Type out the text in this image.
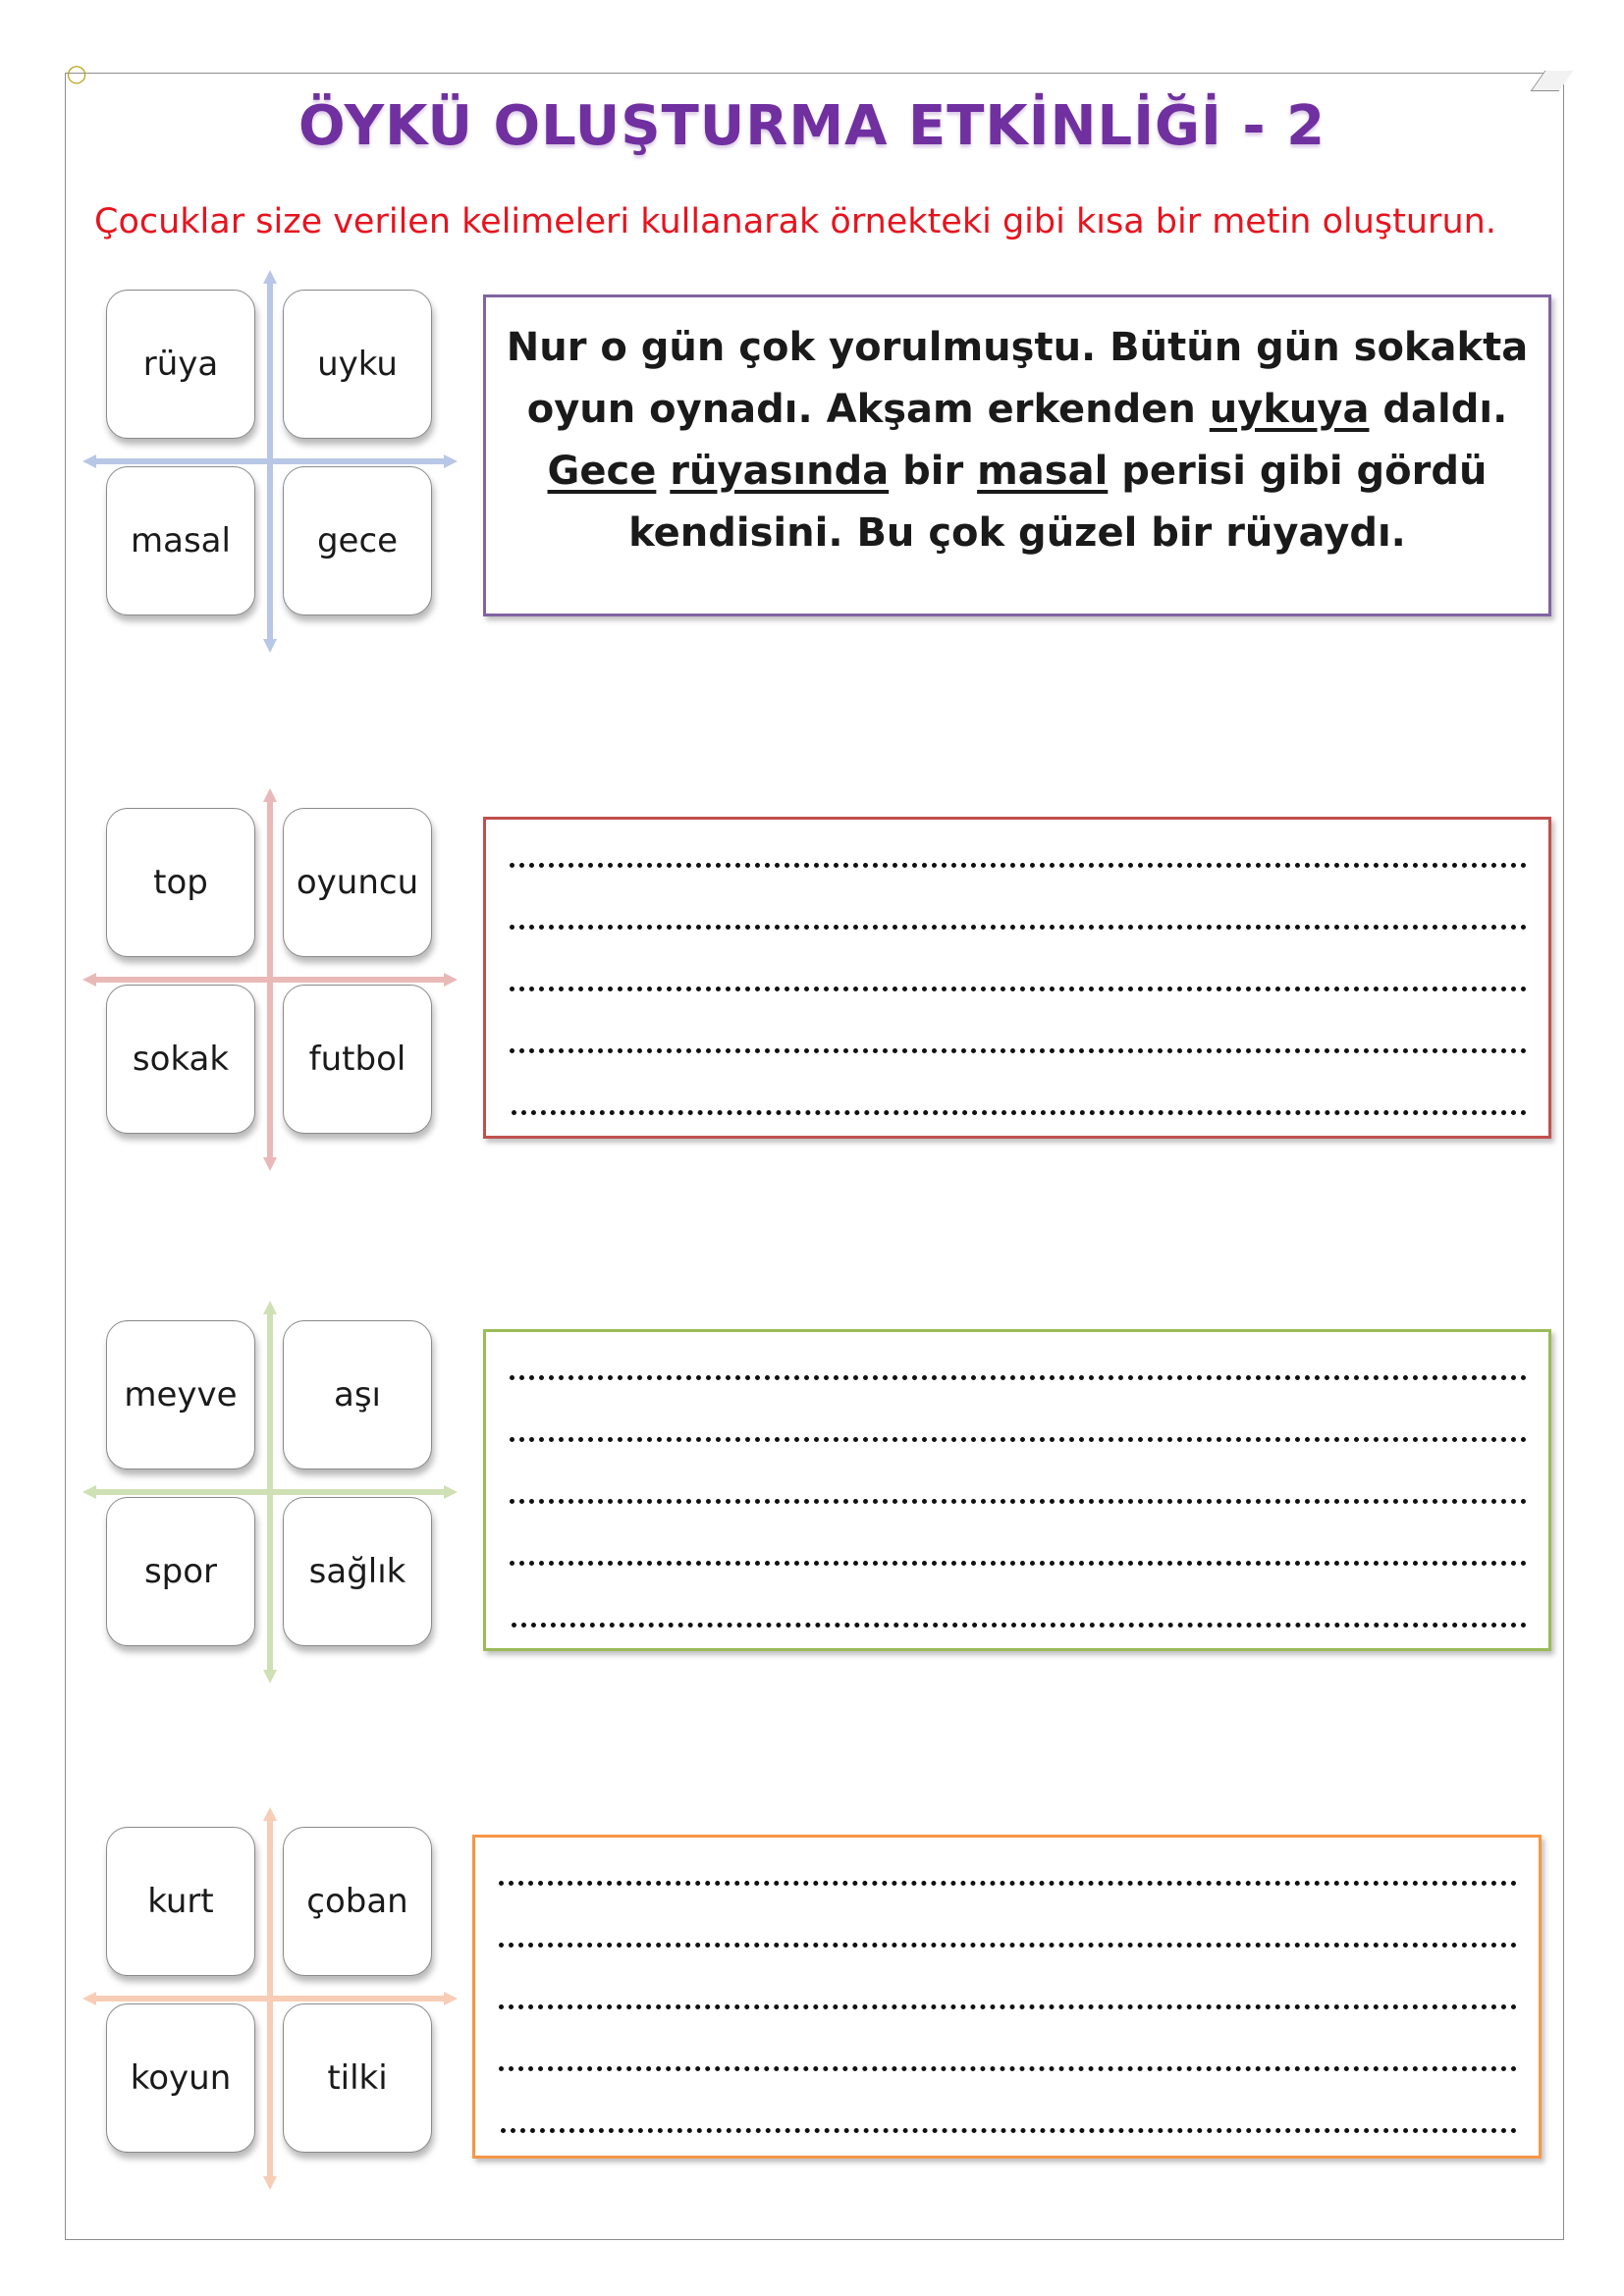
◯
ÖYKÜ OLUŞTURMA ETKİNLİĞİ - 2
Çocuklar size verilen kelimeleri kullanarak örnekteki gibi kısa bir metin oluşturun.
rüya	uyku
masal	gece
Nur o gün çok yorulmuştu. Bütün gün sokakta
oyun oynadı. Akşam erkenden uykuya daldı.
Gece rüyasında bir masal perisi gibi gördü
kendisini. Bu çok güzel bir rüyaydı.
top	oyuncu
sokak	futbol
meyve	aşı
spor	sağlık
kurt	çoban
koyun	tilki
